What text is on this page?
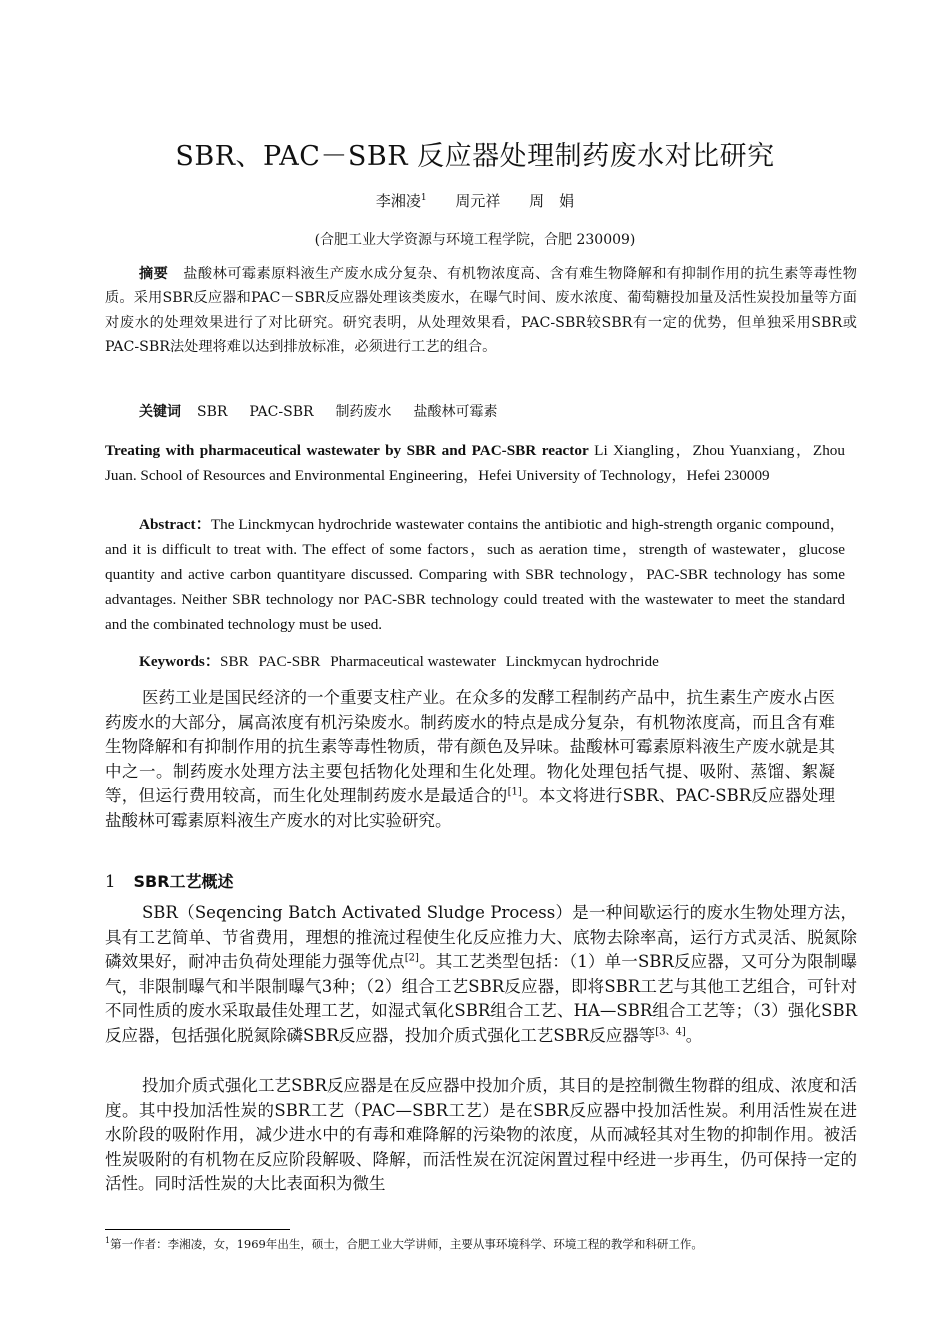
SBR、PAC－SBR 反应器处理制药废水对比研究
李湘凌$^1$ 周元祥 周　娟
(合肥工业大学资源与环境工程学院，合肥 230009)
摘要 盐酸林可霉素原料液生产废水成分复杂、有机物浓度高、含有难生物降解和有抑制作用的抗生素等毒性物质。采用SBR反应器和PAC－SBR反应器处理该类废水，在曝气时间、废水浓度、葡萄糖投加量及活性炭投加量等方面对废水的处理效果进行了对比研究。研究表明，从处理效果看，PAC-SBR较SBR有一定的优势，但单独采用SBR或PAC-SBR法处理将难以达到排放标准，必须进行工艺的组合。
关键词 SBR PAC-SBR 制药废水 盐酸林可霉素
Treating with pharmaceutical wastewater by SBR and PAC-SBR reactor Li Xiangling，Zhou Yuanxiang，Zhou Juan. School of Resources and Environmental Engineering，Hefei University of Technology，Hefei 230009
Abstract：The Linckmycan hydrochride wastewater contains the antibiotic and high-strength organic compound，and it is difficult to treat with. The effect of some factors，such as aeration time，strength of wastewater，glucose quantity and active carbon quantityare discussed. Comparing with SBR technology，PAC-SBR technology has some advantages. Neither SBR technology nor PAC-SBR technology could treated with the wastewater to meet the standard and the combinated technology must be used.
Keywords：SBR PAC-SBR Pharmaceutical wastewater Linckmycan hydrochride
医药工业是国民经济的一个重要支柱产业。在众多的发酵工程制药产品中，抗生素生产废水占医药废水的大部分，属高浓度有机污染废水。制药废水的特点是成分复杂，有机物浓度高，而且含有难生物降解和有抑制作用的抗生素等毒性物质，带有颜色及异味。盐酸林可霉素原料液生产废水就是其中之一。制药废水处理方法主要包括物化处理和生化处理。物化处理包括气提、吸附、蒸馏、絮凝等，但运行费用较高，而生化处理制药废水是最适合的[1]。本文将进行SBR、PAC-SBR反应器处理盐酸林可霉素原料液生产废水的对比实验研究。
1 SBR工艺概述
SBR（Seqencing Batch Activated Sludge Process）是一种间歇运行的废水生物处理方法，具有工艺简单、节省费用，理想的推流过程使生化反应推力大、底物去除率高，运行方式灵活、脱氮除磷效果好，耐冲击负荷处理能力强等优点[2]。其工艺类型包括：（1）单一SBR反应器，又可分为限制曝气，非限制曝气和半限制曝气3种；（2）组合工艺SBR反应器，即将SBR工艺与其他工艺组合，可针对不同性质的废水采取最佳处理工艺，如湿式氧化SBR组合工艺、HA—SBR组合工艺等；（3）强化SBR反应器，包括强化脱氮除磷SBR反应器，投加介质式强化工艺SBR反应器等[3、4]。
投加介质式强化工艺SBR反应器是在反应器中投加介质，其目的是控制微生物群的组成、浓度和活度。其中投加活性炭的SBR工艺（PAC—SBR工艺）是在SBR反应器中投加活性炭。利用活性炭在进水阶段的吸附作用，减少进水中的有毒和难降解的污染物的浓度，从而减轻其对生物的抑制作用。被活性炭吸附的有机物在反应阶段解吸、降解，而活性炭在沉淀闲置过程中经进一步再生，仍可保持一定的活性。同时活性炭的大比表面积为微生
$^1$第一作者：李湘凌，女，1969年出生，硕士，合肥工业大学讲师，主要从事环境科学、环境工程的教学和科研工作。
